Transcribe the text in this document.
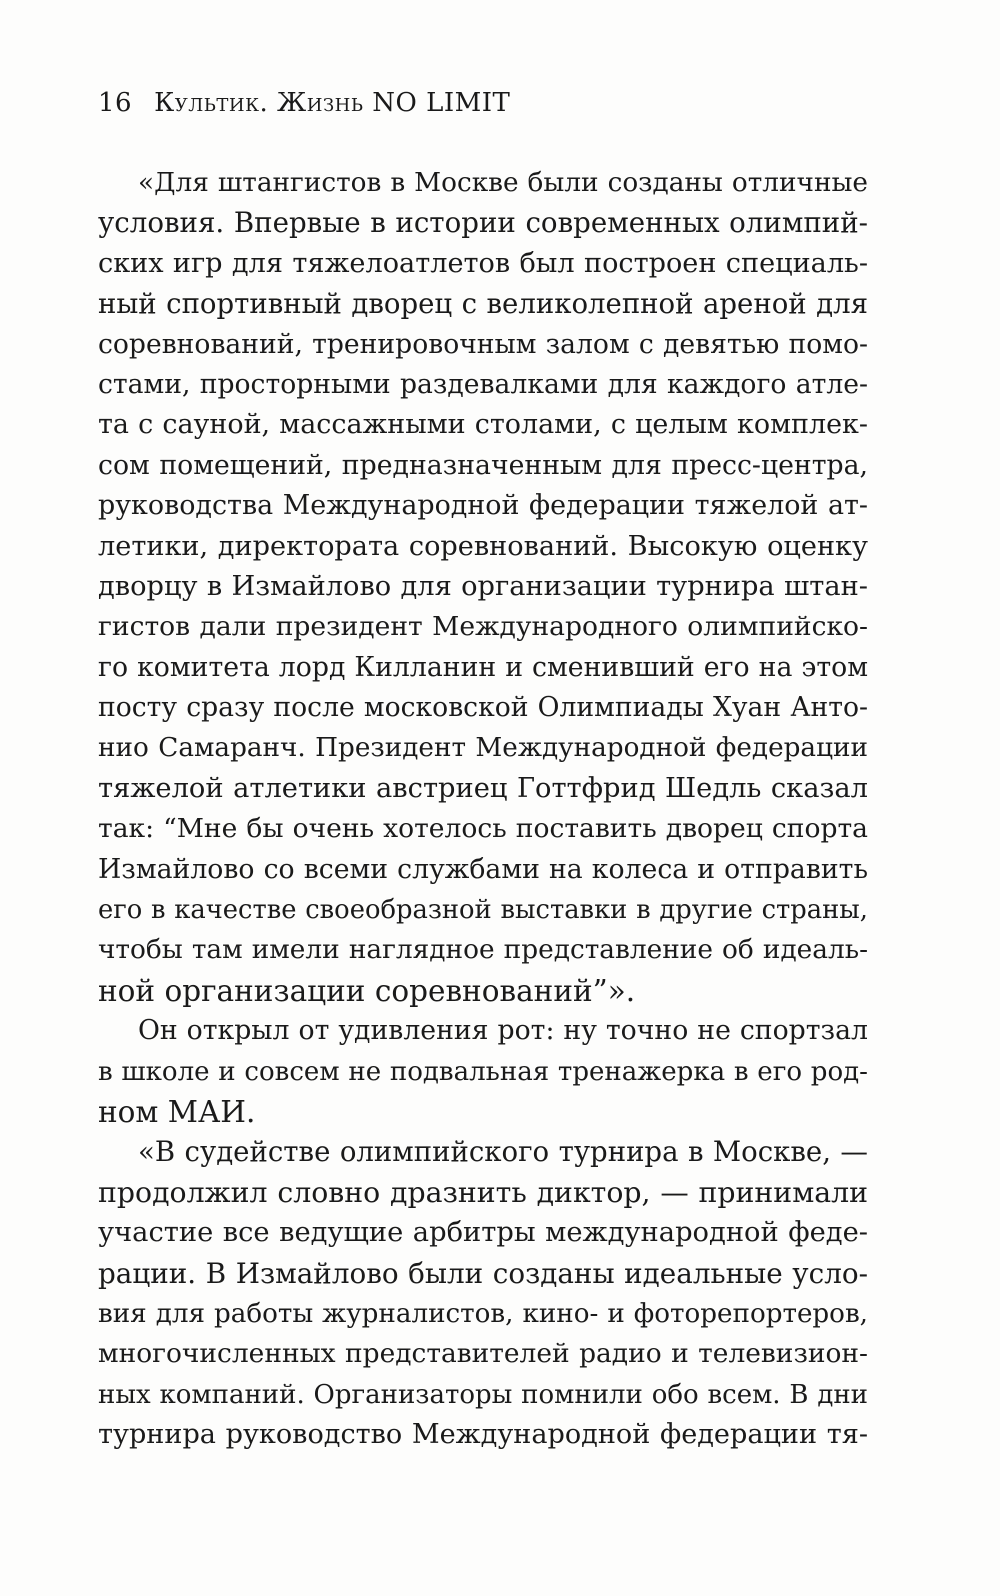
16 Культик. Жизнь NO LIMIT
«Для штангистов в Москве были созданы отличные
условия. Впервые в истории современных олимпий-
ских игр для тяжелоатлетов был построен специаль-
ный спортивный дворец с великолепной ареной для
соревнований, тренировочным залом с девятью помо-
стами, просторными раздевалками для каждого атле-
та с сауной, массажными столами, с целым комплек-
сом помещений, предназначенным для пресс-центра,
руководства Международной федерации тяжелой ат-
летики, директората соревнований. Высокую оценку
дворцу в Измайлово для организации турнира штан-
гистов дали президент Международного олимпийско-
го комитета лорд Килланин и сменивший его на этом
посту сразу после московской Олимпиады Хуан Анто-
нио Самаранч. Президент Международной федерации
тяжелой атлетики австриец Готтфрид Шедль сказал
так: “Мне бы очень хотелось поставить дворец спорта
Измайлово со всеми службами на колеса и отправить
его в качестве своеобразной выставки в другие страны,
чтобы там имели наглядное представление об идеаль-
ной организации соревнований”».
Он открыл от удивления рот: ну точно не спортзал
в школе и совсем не подвальная тренажерка в его род-
ном МАИ.
«В судействе олимпийского турнира в Москве, —
продолжил словно дразнить диктор, — принимали
участие все ведущие арбитры международной феде-
рации. В Измайлово были созданы идеальные усло-
вия для работы журналистов, кино- и фоторепортеров,
многочисленных представителей радио и телевизион-
ных компаний. Организаторы помнили обо всем. В дни
турнира руководство Международной федерации тя-
